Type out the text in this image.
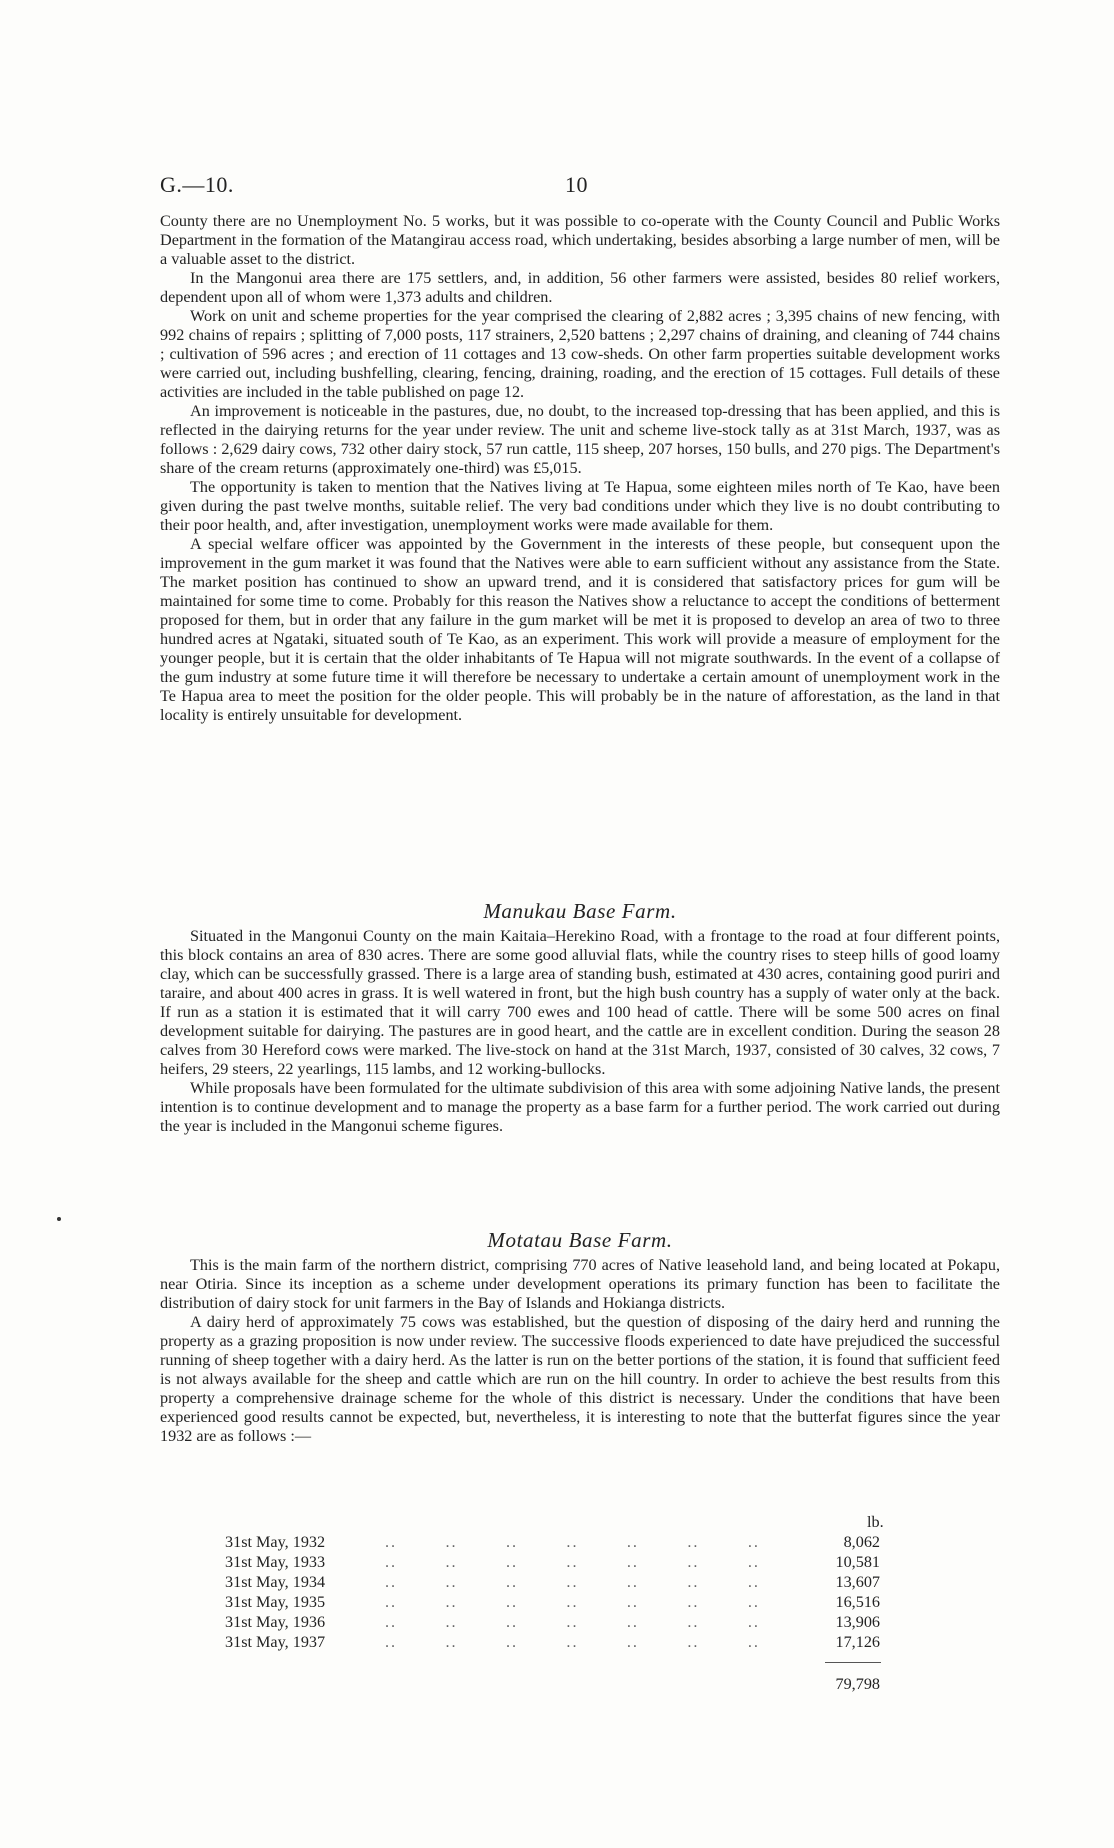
G.—10.	10

County there are no Unemployment No. 5 works, but it was possible to co-operate with the County Council and Public Works Department in the formation of the Matangirau access road, which undertaking, besides absorbing a large number of men, will be a valuable asset to the district.

In the Mangonui area there are 175 settlers, and, in addition, 56 other farmers were assisted, besides 80 relief workers, dependent upon all of whom were 1,373 adults and children.

Work on unit and scheme properties for the year comprised the clearing of 2,882 acres ; 3,395 chains of new fencing, with 992 chains of repairs ; splitting of 7,000 posts, 117 strainers, 2,520 battens ; 2,297 chains of draining, and cleaning of 744 chains ; cultivation of 596 acres ; and erection of 11 cottages and 13 cow-sheds. On other farm properties suitable development works were carried out, including bushfelling, clearing, fencing, draining, roading, and the erection of 15 cottages. Full details of these activities are included in the table published on page 12.

An improvement is noticeable in the pastures, due, no doubt, to the increased top-dressing that has been applied, and this is reflected in the dairying returns for the year under review. The unit and scheme live-stock tally as at 31st March, 1937, was as follows : 2,629 dairy cows, 732 other dairy stock, 57 run cattle, 115 sheep, 207 horses, 150 bulls, and 270 pigs. The Department's share of the cream returns (approximately one-third) was £5,015.

The opportunity is taken to mention that the Natives living at Te Hapua, some eighteen miles north of Te Kao, have been given during the past twelve months, suitable relief. The very bad conditions under which they live is no doubt contributing to their poor health, and, after investigation, unemployment works were made available for them.

A special welfare officer was appointed by the Government in the interests of these people, but consequent upon the improvement in the gum market it was found that the Natives were able to earn sufficient without any assistance from the State. The market position has continued to show an upward trend, and it is considered that satisfactory prices for gum will be maintained for some time to come. Probably for this reason the Natives show a reluctance to accept the conditions of betterment proposed for them, but in order that any failure in the gum market will be met it is proposed to develop an area of two to three hundred acres at Ngataki, situated south of Te Kao, as an experiment. This work will provide a measure of employment for the younger people, but it is certain that the older inhabitants of Te Hapua will not migrate southwards. In the event of a collapse of the gum industry at some future time it will therefore be necessary to undertake a certain amount of unemployment work in the Te Hapua area to meet the position for the older people. This will probably be in the nature of afforestation, as the land in that locality is entirely unsuitable for development.

Manukau Base Farm.

Situated in the Mangonui County on the main Kaitaia–Herekino Road, with a frontage to the road at four different points, this block contains an area of 830 acres. There are some good alluvial flats, while the country rises to steep hills of good loamy clay, which can be successfully grassed. There is a large area of standing bush, estimated at 430 acres, containing good puriri and taraire, and about 400 acres in grass. It is well watered in front, but the high bush country has a supply of water only at the back. If run as a station it is estimated that it will carry 700 ewes and 100 head of cattle. There will be some 500 acres on final development suitable for dairying. The pastures are in good heart, and the cattle are in excellent condition. During the season 28 calves from 30 Hereford cows were marked. The live-stock on hand at the 31st March, 1937, consisted of 30 calves, 32 cows, 7 heifers, 29 steers, 22 yearlings, 115 lambs, and 12 working-bullocks.

While proposals have been formulated for the ultimate subdivision of this area with some adjoining Native lands, the present intention is to continue development and to manage the property as a base farm for a further period. The work carried out during the year is included in the Mangonui scheme figures.

Motatau Base Farm.

This is the main farm of the northern district, comprising 770 acres of Native leasehold land, and being located at Pokapu, near Otiria. Since its inception as a scheme under development operations its primary function has been to facilitate the distribution of dairy stock for unit farmers in the Bay of Islands and Hokianga districts.

A dairy herd of approximately 75 cows was established, but the question of disposing of the dairy herd and running the property as a grazing proposition is now under review. The successive floods experienced to date have prejudiced the successful running of sheep together with a dairy herd. As the latter is run on the better portions of the station, it is found that sufficient feed is not always available for the sheep and cattle which are run on the hill country. In order to achieve the best results from this property a comprehensive drainage scheme for the whole of this district is necessary. Under the conditions that have been experienced good results cannot be expected, but, nevertheless, it is interesting to note that the butterfat figures since the year 1932 are as follows :—

lb.
31st May, 1932	..        ..        ..        ..        ..        ..        ..	8,062
31st May, 1933	..        ..        ..        ..        ..        ..        ..	10,581
31st May, 1934	..        ..        ..        ..        ..        ..        ..	13,607
31st May, 1935	..        ..        ..        ..        ..        ..        ..	16,516
31st May, 1936	..        ..        ..        ..        ..        ..        ..	13,906
31st May, 1937	..        ..        ..        ..        ..        ..        ..	17,126
79,798
